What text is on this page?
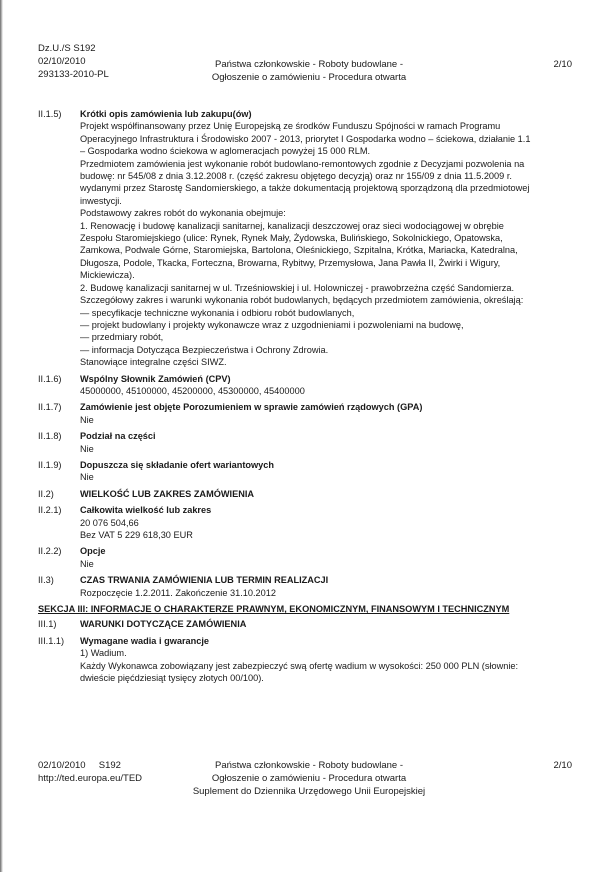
Dz.U./S S192
02/10/2010
293133-2010-PL
Państwa członkowskie - Roboty budowlane -
Ogłoszenie o zamówieniu - Procedura otwarta
2/10
II.1.5)	Krótki opis zamówienia lub zakupu(ów)
Projekt współfinansowany przez Unię Europejską ze środków Funduszu Spójności w ramach Programu
Operacyjnego Infrastruktura i Środowisko 2007 - 2013, priorytet I Gospodarka wodno – ściekowa, działanie 1.1
– Gospodarka wodno ściekowa w aglomeracjach powyżej 15 000 RLM.
Przedmiotem zamówienia jest wykonanie robót budowlano-remontowych zgodnie z Decyzjami pozwolenia na
budowę: nr 545/08 z dnia 3.12.2008 r. (część zakresu objętego decyzją) oraz nr 155/09 z dnia 11.5.2009 r.
wydanymi przez Starostę Sandomierskiego, a także dokumentacją projektową sporządzoną dla przedmiotowej
inwestycji.
Podstawowy zakres robót do wykonania obejmuje:
1. Renowację i budowę kanalizacji sanitarnej, kanalizacji deszczowej oraz sieci wodociągowej w obrębie
Zespołu Staromiejskiego (ulice: Rynek, Rynek Mały, Żydowska, Bulińskiego, Sokolnickiego, Opatowska,
Zamkowa, Podwale Górne, Staromiejska, Bartolona, Oleśnickiego, Szpitalna, Krótka, Mariacka, Katedralna,
Długosza, Podole, Tkacka, Forteczna, Browarna, Rybitwy, Przemysłowa, Jana Pawła II, Żwirki i Wigury,
Mickiewicza).
2. Budowę kanalizacji sanitarnej w ul. Trześniowskiej i ul. Holowniczej - prawobrzeżna część Sandomierza.
Szczegółowy zakres i warunki wykonania robót budowlanych, będących przedmiotem zamówienia, określają:
— specyfikacje techniczne wykonania i odbioru robót budowlanych,
— projekt budowlany i projekty wykonawcze wraz z uzgodnieniami i pozwoleniami na budowę,
— przedmiary robót,
— informacja Dotycząca Bezpieczeństwa i Ochrony Zdrowia.
Stanowiące integralne części SIWZ.
II.1.6)	Wspólny Słownik Zamówień (CPV)
45000000, 45100000, 45200000, 45300000, 45400000
II.1.7)	Zamówienie jest objęte Porozumieniem w sprawie zamówień rządowych (GPA)
Nie
II.1.8)	Podział na części
Nie
II.1.9)	Dopuszcza się składanie ofert wariantowych
Nie
II.2)	WIELKOŚĆ LUB ZAKRES ZAMÓWIENIA
II.2.1)	Całkowita wielkość lub zakres
20 076 504,66
Bez VAT 5 229 618,30 EUR
II.2.2)	Opcje
Nie
II.3)	CZAS TRWANIA ZAMÓWIENIA LUB TERMIN REALIZACJI
Rozpoczęcie 1.2.2011. Zakończenie 31.10.2012
SEKCJA III: INFORMACJE O CHARAKTERZE PRAWNYM, EKONOMICZNYM, FINANSOWYM I TECHNICZNYM
III.1)	WARUNKI DOTYCZĄCE ZAMÓWIENIA
III.1.1)	Wymagane wadia i gwarancje
1) Wadium.
Każdy Wykonawca zobowiązany jest zabezpieczyć swą ofertę wadium w wysokości: 250 000 PLN (słownie:
dwieście pięćdziesiąt tysięcy złotych 00/100).
02/10/2010     S192
http://ted.europa.eu/TED
Państwa członkowskie - Roboty budowlane -
Ogłoszenie o zamówieniu - Procedura otwarta
Suplement do Dziennika Urzędowego Unii Europejskiej
2/10
